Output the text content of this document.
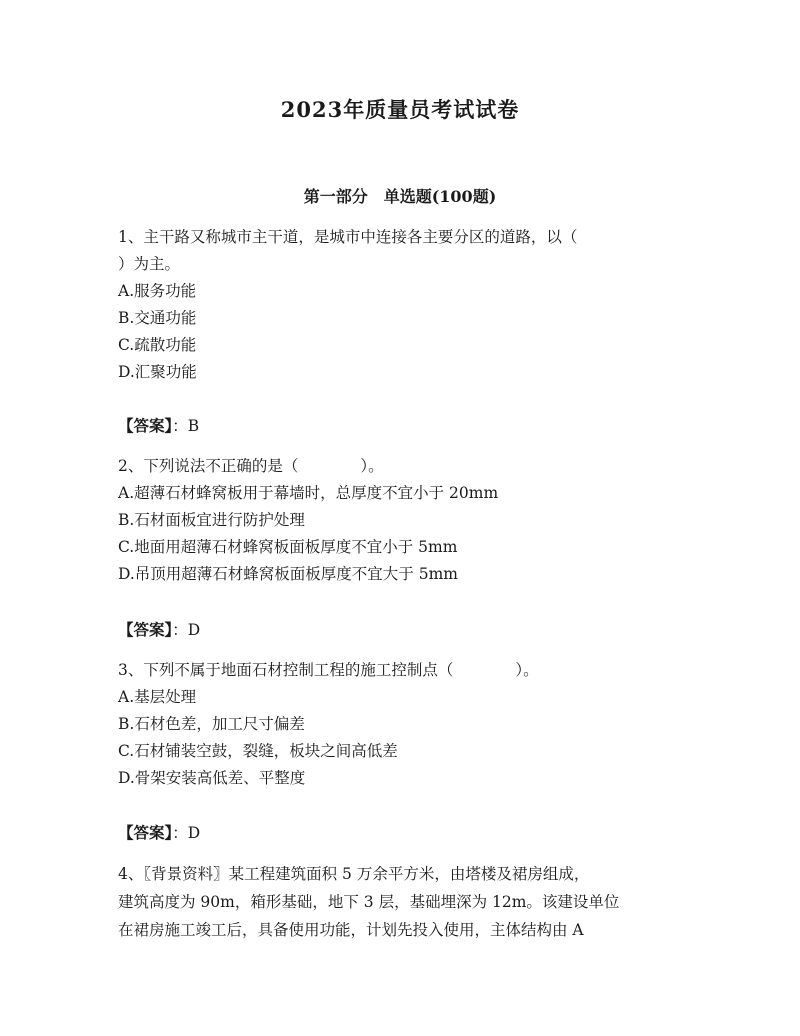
2023年质量员考试试卷
第一部分　单选题(100题)
1、主干路又称城市主干道，是城市中连接各主要分区的道路，以（
）为主。
A.服务功能
B.交通功能
C.疏散功能
D.汇聚功能
【答案】：B
2、下列说法不正确的是（　　　　）。
A.超薄石材蜂窝板用于幕墙时，总厚度不宜小于 20mm
B.石材面板宜进行防护处理
C.地面用超薄石材蜂窝板面板厚度不宜小于 5mm
D.吊顶用超薄石材蜂窝板面板厚度不宜大于 5mm
【答案】：D
3、下列不属于地面石材控制工程的施工控制点（　　　　）。
A.基层处理
B.石材色差，加工尺寸偏差
C.石材铺装空鼓，裂缝，板块之间高低差
D.骨架安装高低差、平整度
【答案】：D
4、〖背景资料〗某工程建筑面积 5 万余平方米，由塔楼及裙房组成，
建筑高度为 90m，箱形基础，地下 3 层，基础埋深为 12m。该建设单位
在裙房施工竣工后，具备使用功能，计划先投入使用，主体结构由 A
